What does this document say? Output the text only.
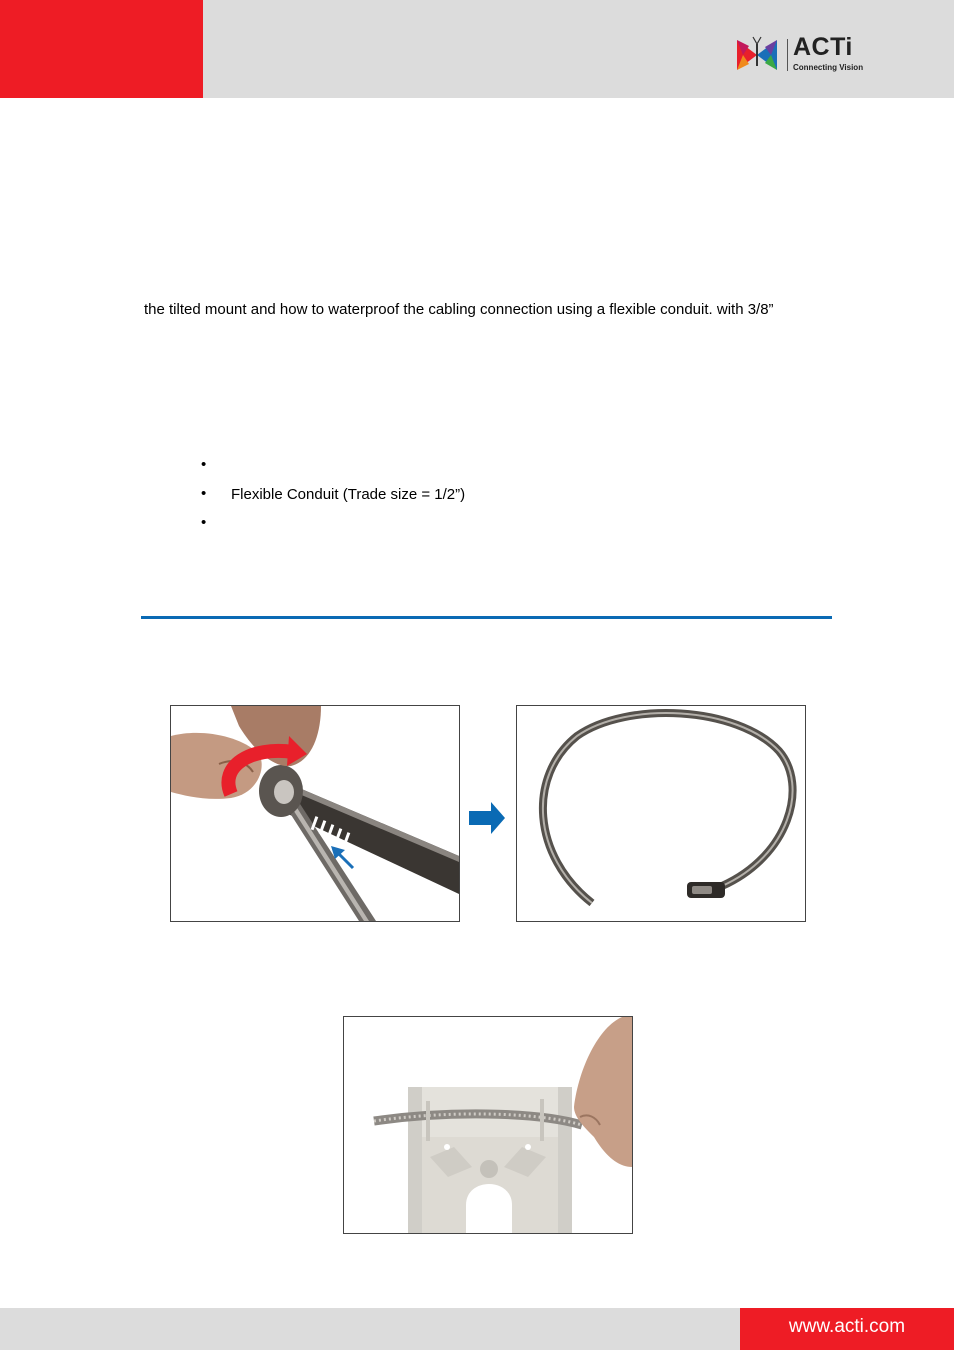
ACTi
Connecting Vision
the tilted mount and how to waterproof the cabling connection using a flexible conduit. with 3/8”
•
• Flexible Conduit (Trade size = 1/2”)
•
www.acti.com
